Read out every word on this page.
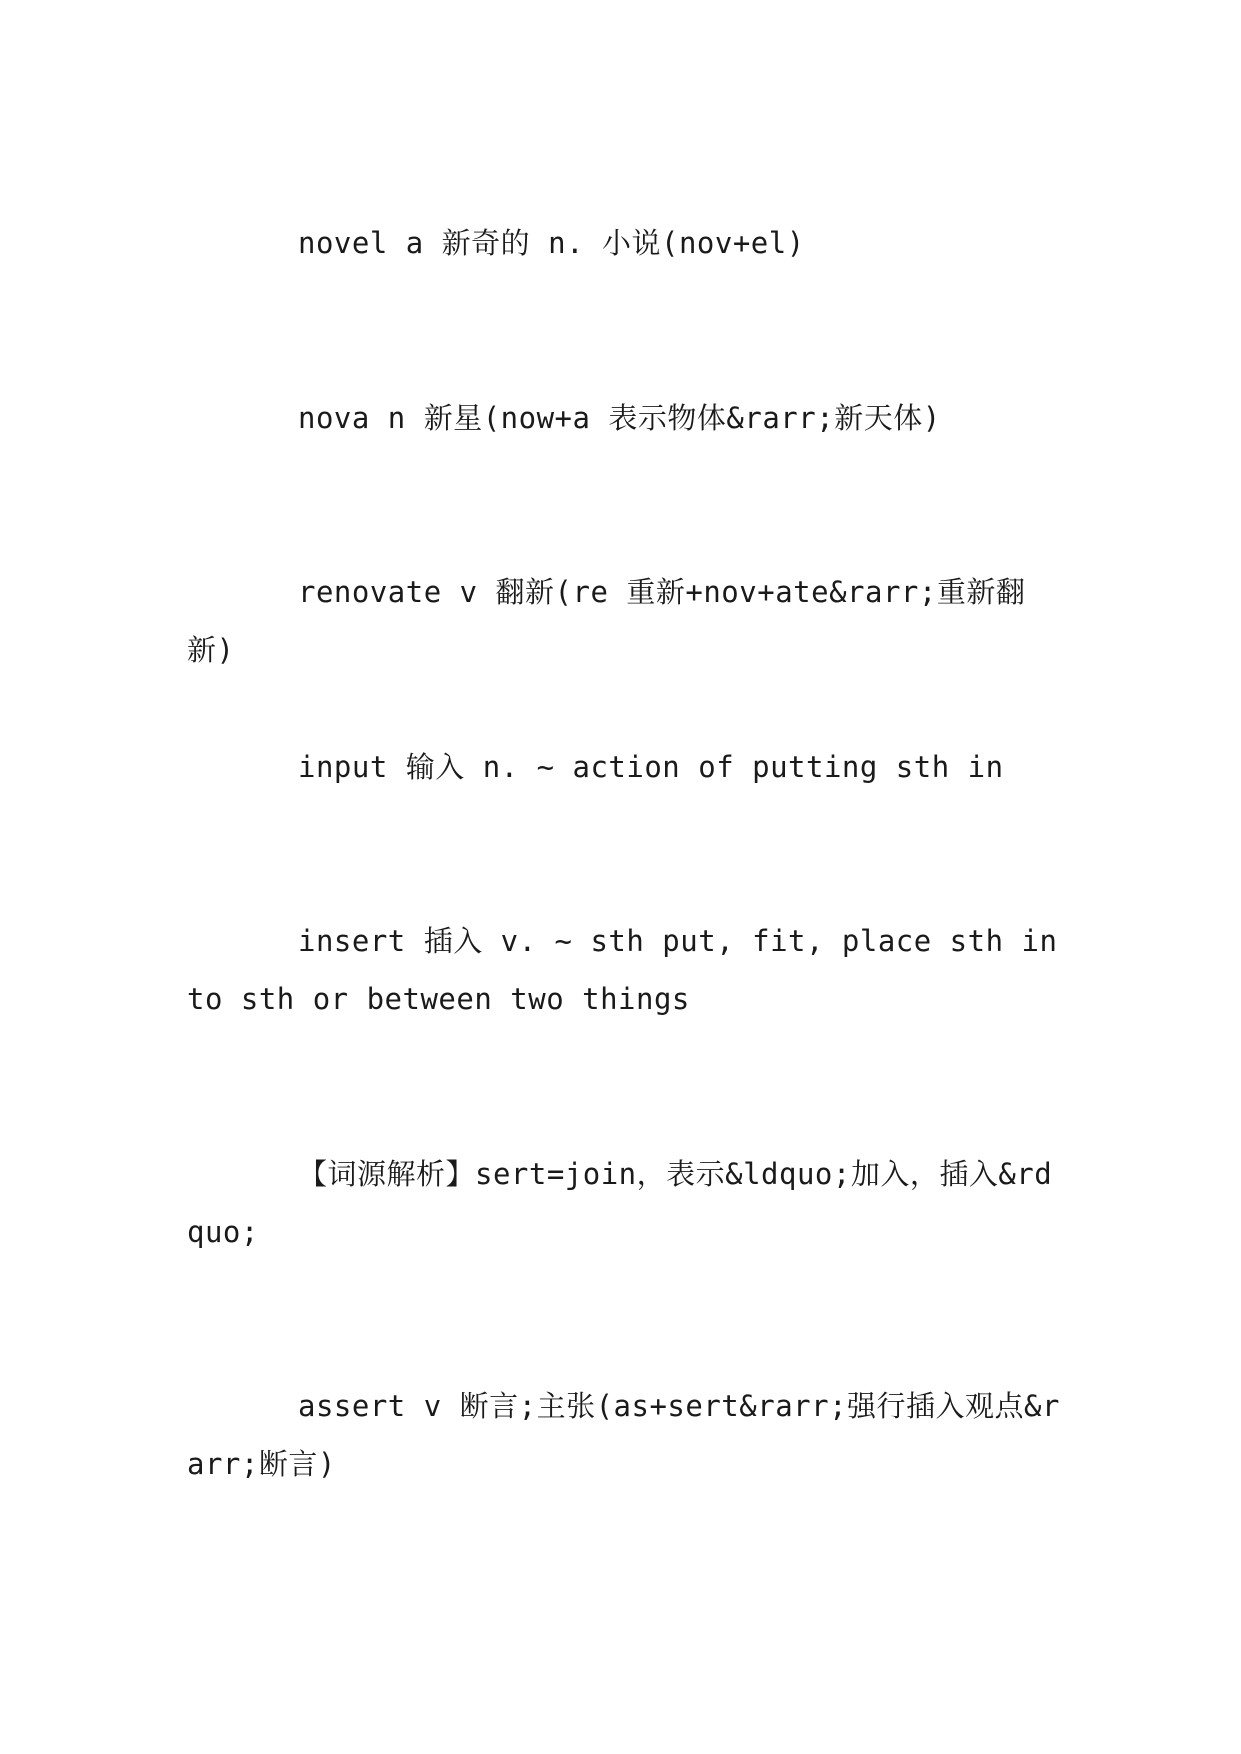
novel a 新奇的 n. 小说(nov+el)

nova n 新星(now+a 表示物体&rarr;新天体)

renovate v 翻新(re 重新+nov+ate&rarr;重新翻新)

input 输入 n. ~ action of putting sth in

insert 插入 v. ~ sth put, fit, place sth into sth or between two things

【词源解析】sert=join，表示&ldquo;加入，插入&rdquo;

assert v 断言;主张(as+sert&rarr;强行插入观点&rarr;断言)
